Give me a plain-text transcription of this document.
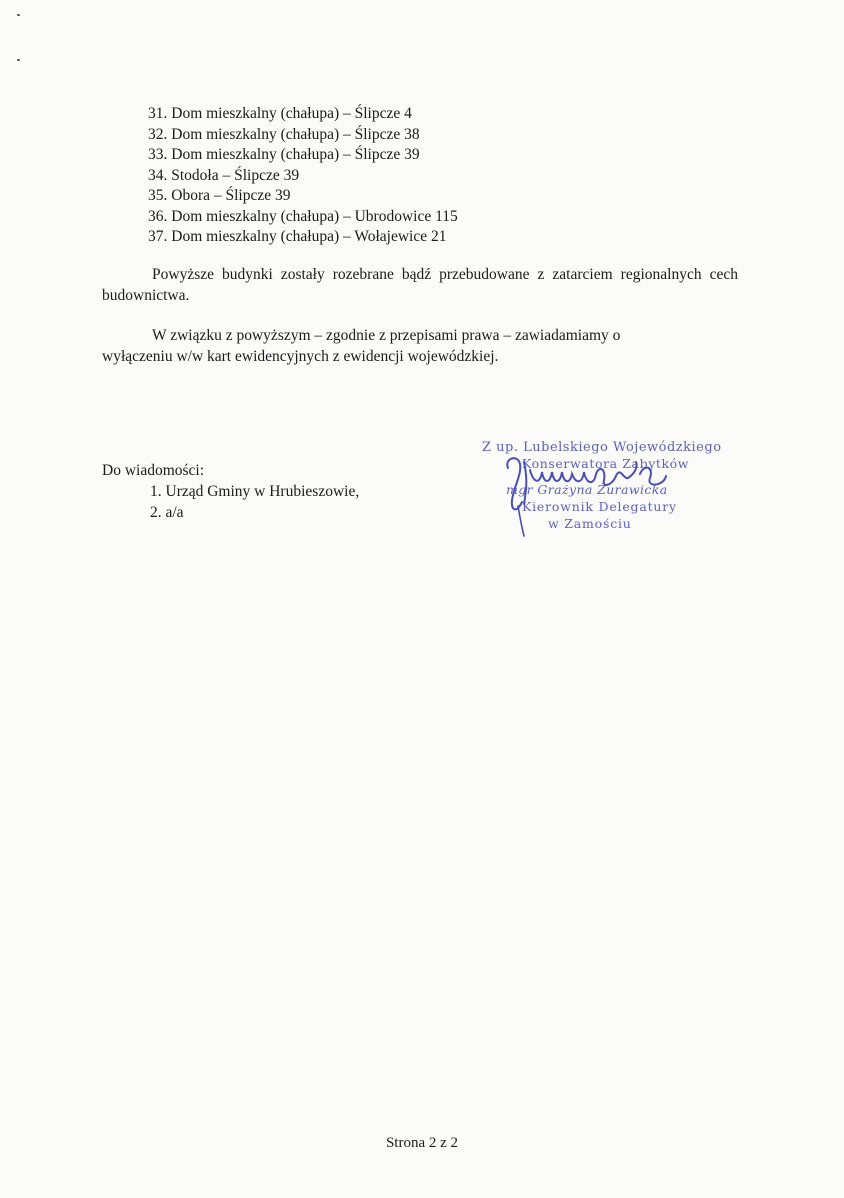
31. Dom mieszkalny (chałupa) – Ślipcze 4
32. Dom mieszkalny (chałupa) – Ślipcze 38
33. Dom mieszkalny (chałupa) – Ślipcze 39
34. Stodoła – Ślipcze 39
35. Obora – Ślipcze 39
36. Dom mieszkalny (chałupa) – Ubrodowice 115
37. Dom mieszkalny (chałupa) – Wołajewice 21

Powyższe budynki zostały rozebrane bądź przebudowane z zatarciem regionalnych cech budownictwa.

W związku z powyższym – zgodnie z przepisami prawa – zawiadamiamy o wyłączeniu w/w kart ewidencyjnych z ewidencji wojewódzkiej.

Do wiadomości:
1. Urząd Gminy w Hrubieszowie,
2. a/a
Z up. Lubelskiego Wojewódzkiego
Konserwatora Zabytków
mgr Grażyna Żurawicka
Kierownik Delegatury
w Zamościu
Strona 2 z 2
